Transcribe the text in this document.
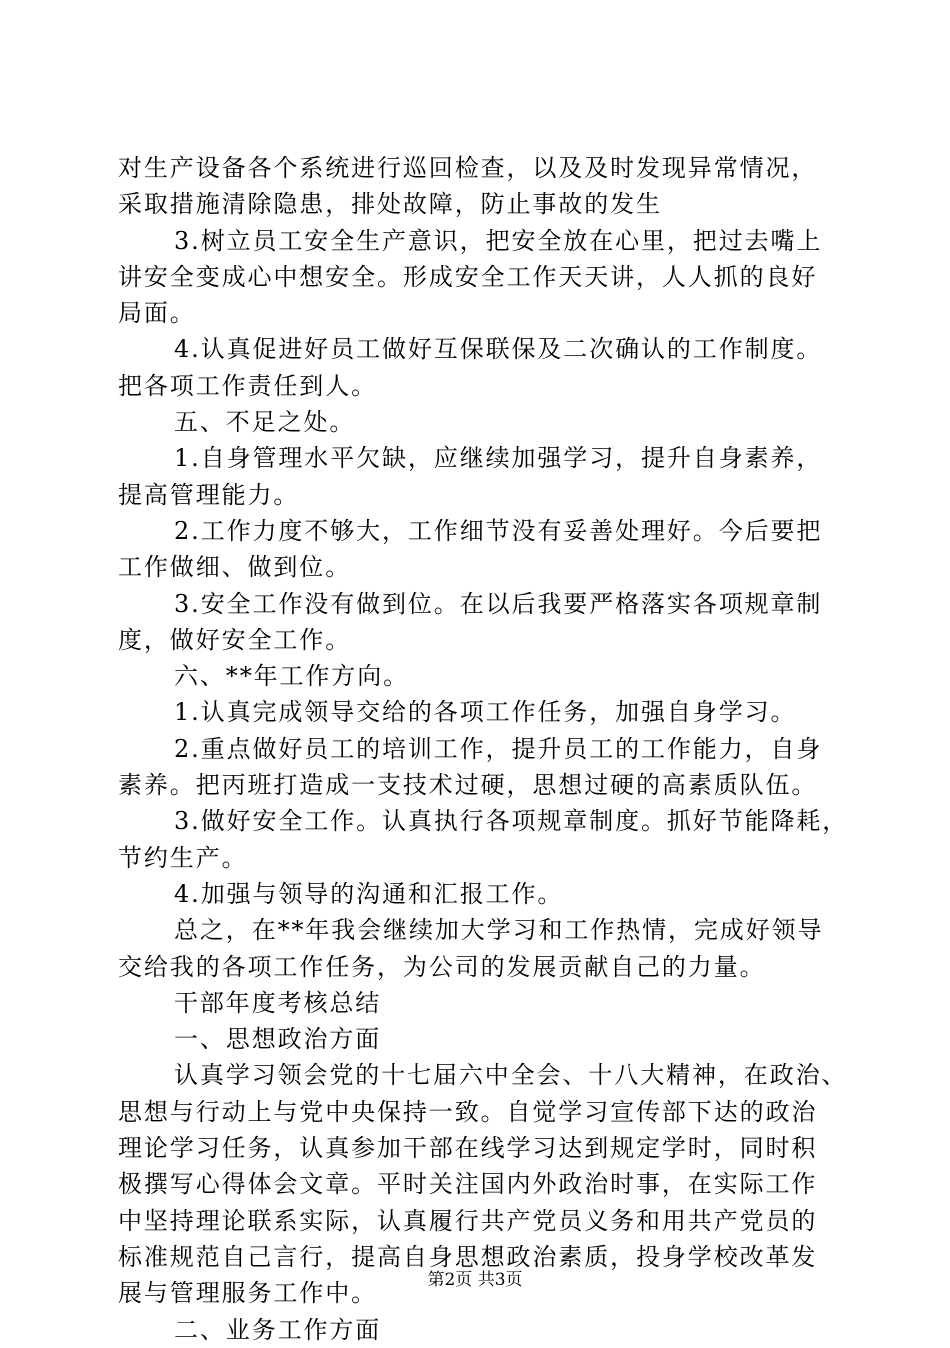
对生产设备各个系统进行巡回检查，以及及时发现异常情况，
采取措施清除隐患，排处故障，防止事故的发生
3.树立员工安全生产意识，把安全放在心里，把过去嘴上
讲安全变成心中想安全。形成安全工作天天讲，人人抓的良好
局面。
4.认真促进好员工做好互保联保及二次确认的工作制度。
把各项工作责任到人。
五、不足之处。
1.自身管理水平欠缺，应继续加强学习，提升自身素养，
提高管理能力。
2.工作力度不够大，工作细节没有妥善处理好。今后要把
工作做细、做到位。
3.安全工作没有做到位。在以后我要严格落实各项规章制
度，做好安全工作。
六、**年工作方向。
1.认真完成领导交给的各项工作任务，加强自身学习。
2.重点做好员工的培训工作，提升员工的工作能力，自身
素养。把丙班打造成一支技术过硬，思想过硬的高素质队伍。
3.做好安全工作。认真执行各项规章制度。抓好节能降耗，
节约生产。
4.加强与领导的沟通和汇报工作。
总之，在**年我会继续加大学习和工作热情，完成好领导
交给我的各项工作任务，为公司的发展贡献自己的力量。
干部年度考核总结
一、思想政治方面
认真学习领会党的十七届六中全会、十八大精神，在政治、
思想与行动上与党中央保持一致。自觉学习宣传部下达的政治
理论学习任务，认真参加干部在线学习达到规定学时，同时积
极撰写心得体会文章。平时关注国内外政治时事，在实际工作
中坚持理论联系实际，认真履行共产党员义务和用共产党员的
标准规范自己言行，提高自身思想政治素质，投身学校改革发
展与管理服务工作中。
二、业务工作方面
第2页 共3页
